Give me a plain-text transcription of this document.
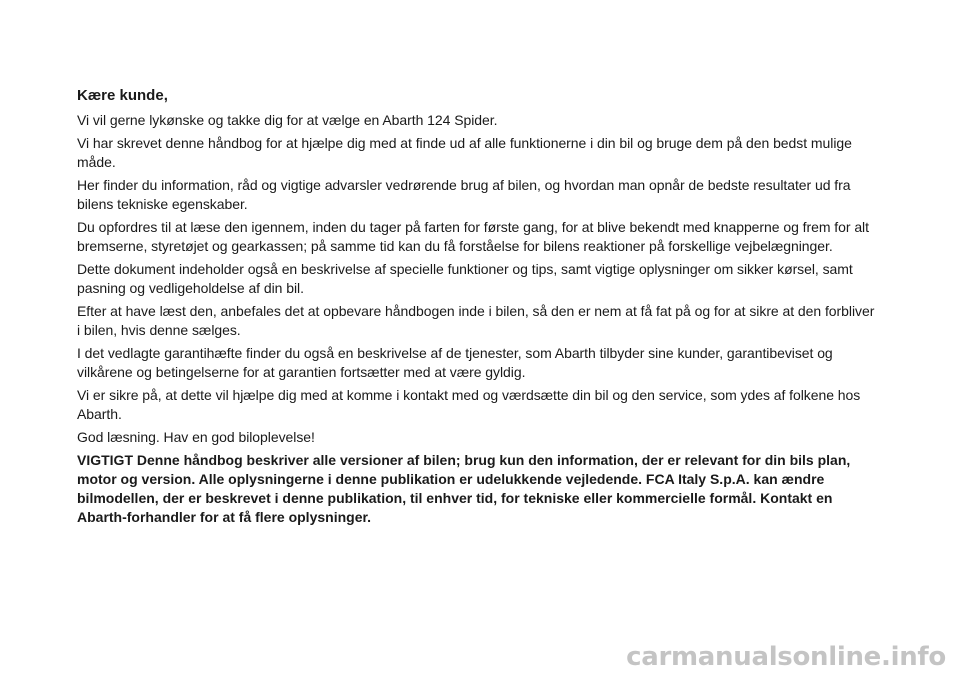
Kære kunde,

Vi vil gerne lykønske og takke dig for at vælge en Abarth 124 Spider.

Vi har skrevet denne håndbog for at hjælpe dig med at finde ud af alle funktionerne i din bil og bruge dem på den bedst mulige måde.

Her finder du information, råd og vigtige advarsler vedrørende brug af bilen, og hvordan man opnår de bedste resultater ud fra bilens tekniske egenskaber.

Du opfordres til at læse den igennem, inden du tager på farten for første gang, for at blive bekendt med knapperne og frem for alt bremserne, styretøjet og gearkassen; på samme tid kan du få forståelse for bilens reaktioner på forskellige vejbelægninger.

Dette dokument indeholder også en beskrivelse af specielle funktioner og tips, samt vigtige oplysninger om sikker kørsel, samt pasning og vedligeholdelse af din bil.

Efter at have læst den, anbefales det at opbevare håndbogen inde i bilen, så den er nem at få fat på og for at sikre at den forbliver i bilen, hvis denne sælges.

I det vedlagte garantihæfte finder du også en beskrivelse af de tjenester, som Abarth tilbyder sine kunder, garantibeviset og vilkårene og betingelserne for at garantien fortsætter med at være gyldig.

Vi er sikre på, at dette vil hjælpe dig med at komme i kontakt med og værdsætte din bil og den service, som ydes af folkene hos Abarth.

God læsning. Hav en god biloplevelse!

VIGTIGT Denne håndbog beskriver alle versioner af bilen; brug kun den information, der er relevant for din bils plan, motor og version. Alle oplysningerne i denne publikation er udelukkende vejledende. FCA Italy S.p.A. kan ændre bilmodellen, der er beskrevet i denne publikation, til enhver tid, for tekniske eller kommercielle formål. Kontakt en Abarth-forhandler for at få flere oplysninger.

carmanualsonline.info
